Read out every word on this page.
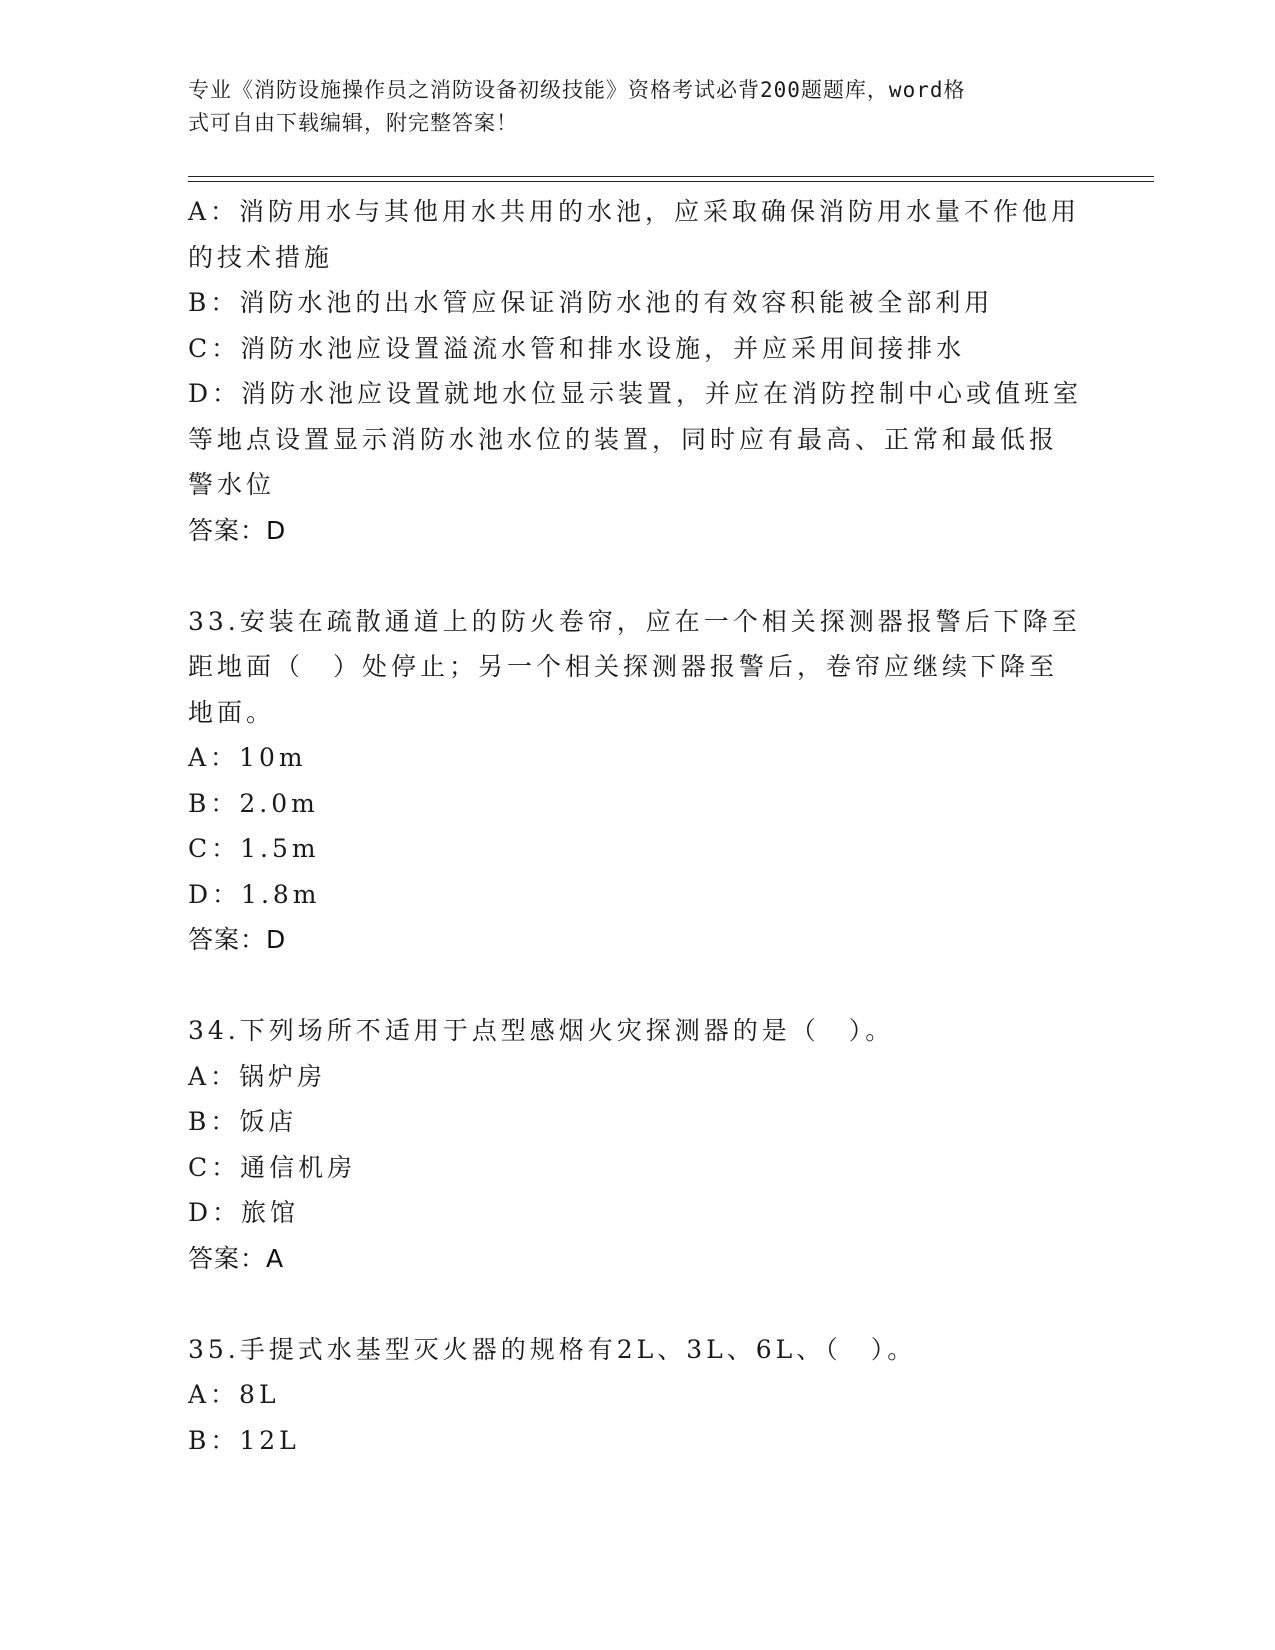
专业《消防设施操作员之消防设备初级技能》资格考试必背200题题库，word格
式可自由下载编辑，附完整答案！
A：消防用水与其他用水共用的水池，应采取确保消防用水量不作他用
的技术措施
B：消防水池的出水管应保证消防水池的有效容积能被全部利用
C：消防水池应设置溢流水管和排水设施，并应采用间接排水
D：消防水池应设置就地水位显示装置，并应在消防控制中心或值班室
等地点设置显示消防水池水位的装置，同时应有最高、正常和最低报
警水位
答案：D
33.安装在疏散通道上的防火卷帘，应在一个相关探测器报警后下降至
距地面（　）处停止；另一个相关探测器报警后，卷帘应继续下降至
地面。
A：10m
B：2.0m
C：1.5m
D：1.8m
答案：D
34.下列场所不适用于点型感烟火灾探测器的是（　）。
A：锅炉房
B：饭店
C：通信机房
D：旅馆
答案：A
35.手提式水基型灭火器的规格有2L、3L、6L、（　）。
A：8L
B：12L
